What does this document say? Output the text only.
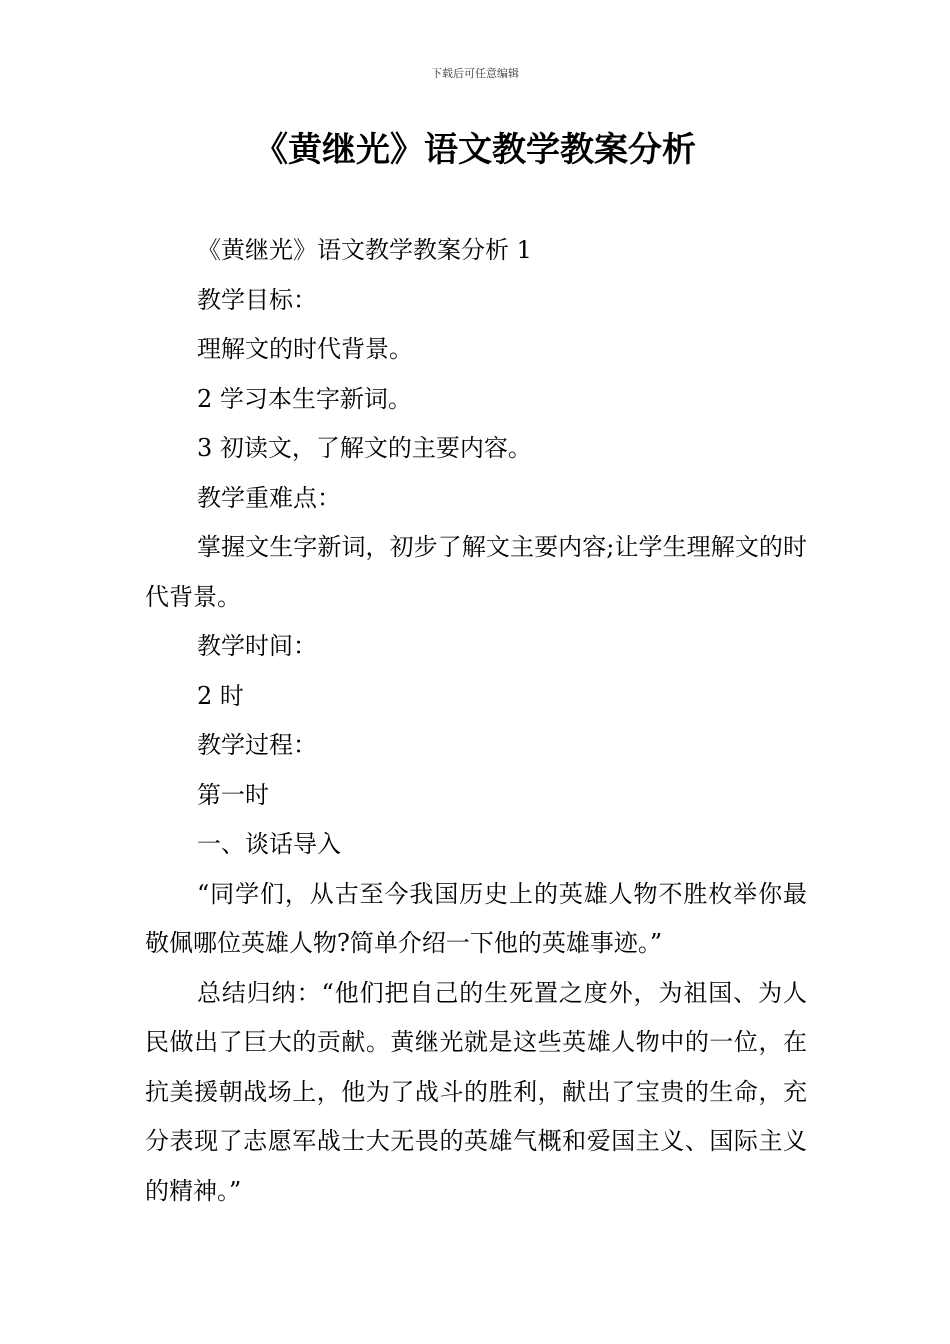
下载后可任意编辑
《黄继光》语文教学教案分析

《黄继光》语文教学教案分析 1

教学目标：

理解文的时代背景。

2 学习本生字新词。

3 初读文，了解文的主要内容。

教学重难点：

掌握文生字新词，初步了解文主要内容;让学生理解文的时代背景。

教学时间：

2 时

教学过程：

第一时

一、谈话导入

“同学们，从古至今我国历史上的英雄人物不胜枚举你最敬佩哪位英雄人物?简单介绍一下他的英雄事迹。”

总结归纳：“他们把自己的生死置之度外，为祖国、为人民做出了巨大的贡献。黄继光就是这些英雄人物中的一位，在抗美援朝战场上，他为了战斗的胜利，献出了宝贵的生命，充分表现了志愿军战士大无畏的英雄气概和爱国主义、国际主义的精神。”
